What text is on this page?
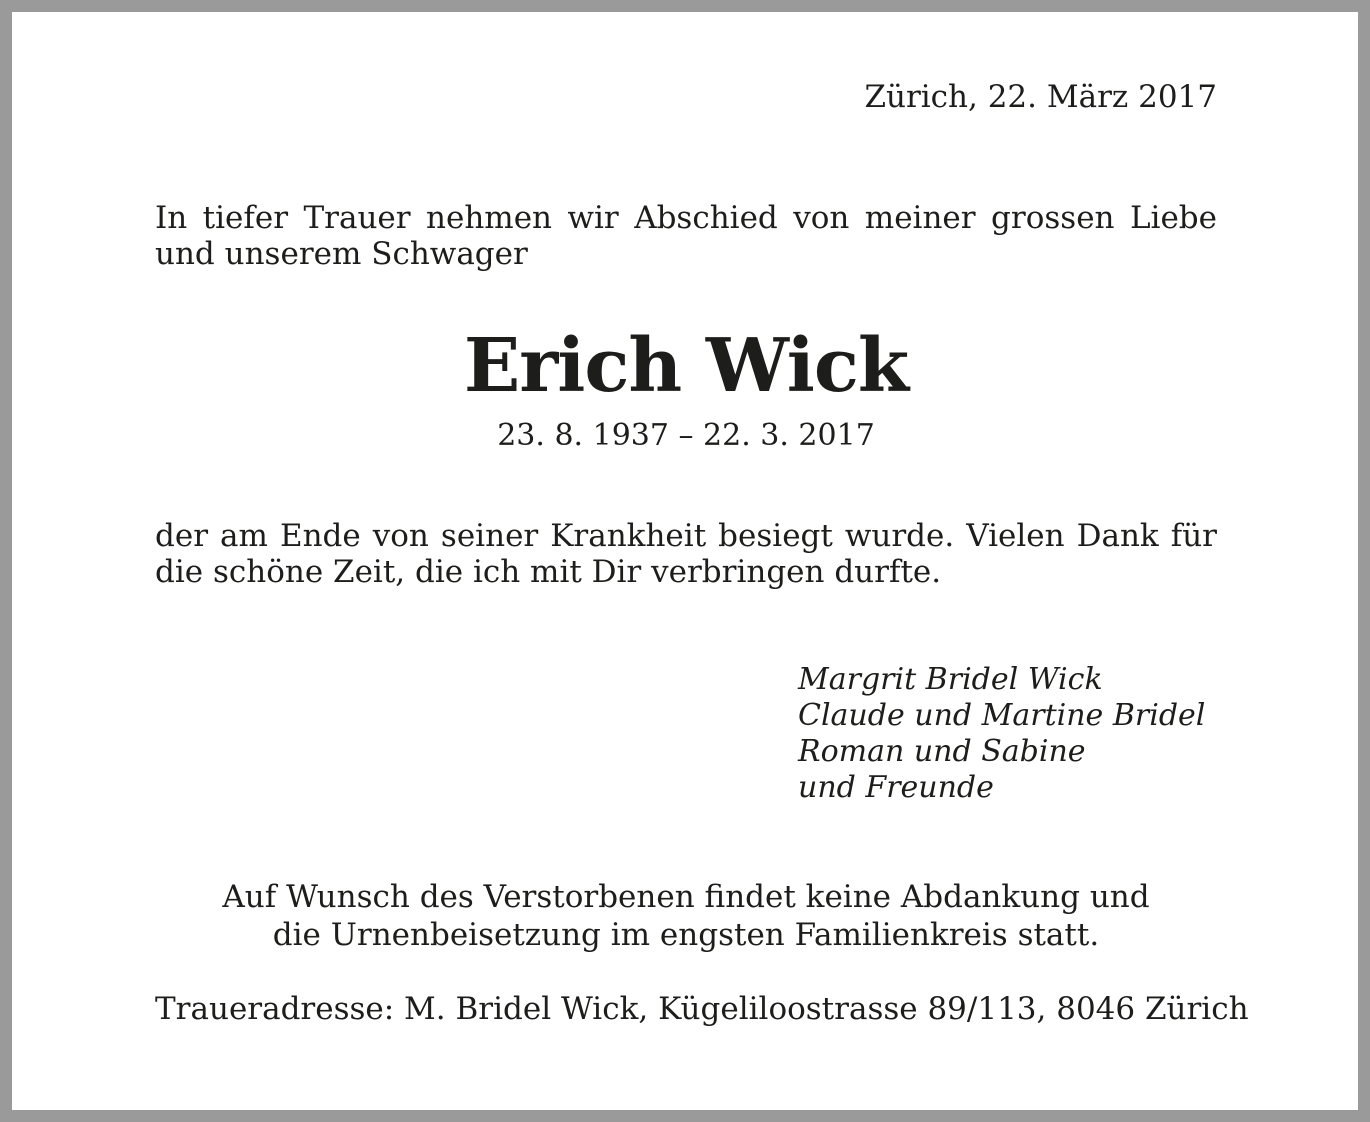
Zürich, 22. März 2017
In tiefer Trauer nehmen wir Abschied von meiner grossen Liebe
und unserem Schwager
Erich Wick
23. 8. 1937 – 22. 3. 2017
der am Ende von seiner Krankheit besiegt wurde. Vielen Dank für
die schöne Zeit, die ich mit Dir verbringen durfte.
Margrit Bridel Wick
Claude und Martine Bridel
Roman und Sabine
und Freunde
Auf Wunsch des Verstorbenen findet keine Abdankung und
die Urnenbeisetzung im engsten Familienkreis statt.
Traueradresse: M. Bridel Wick, Kügeliloostrasse 89/113, 8046 Zürich
